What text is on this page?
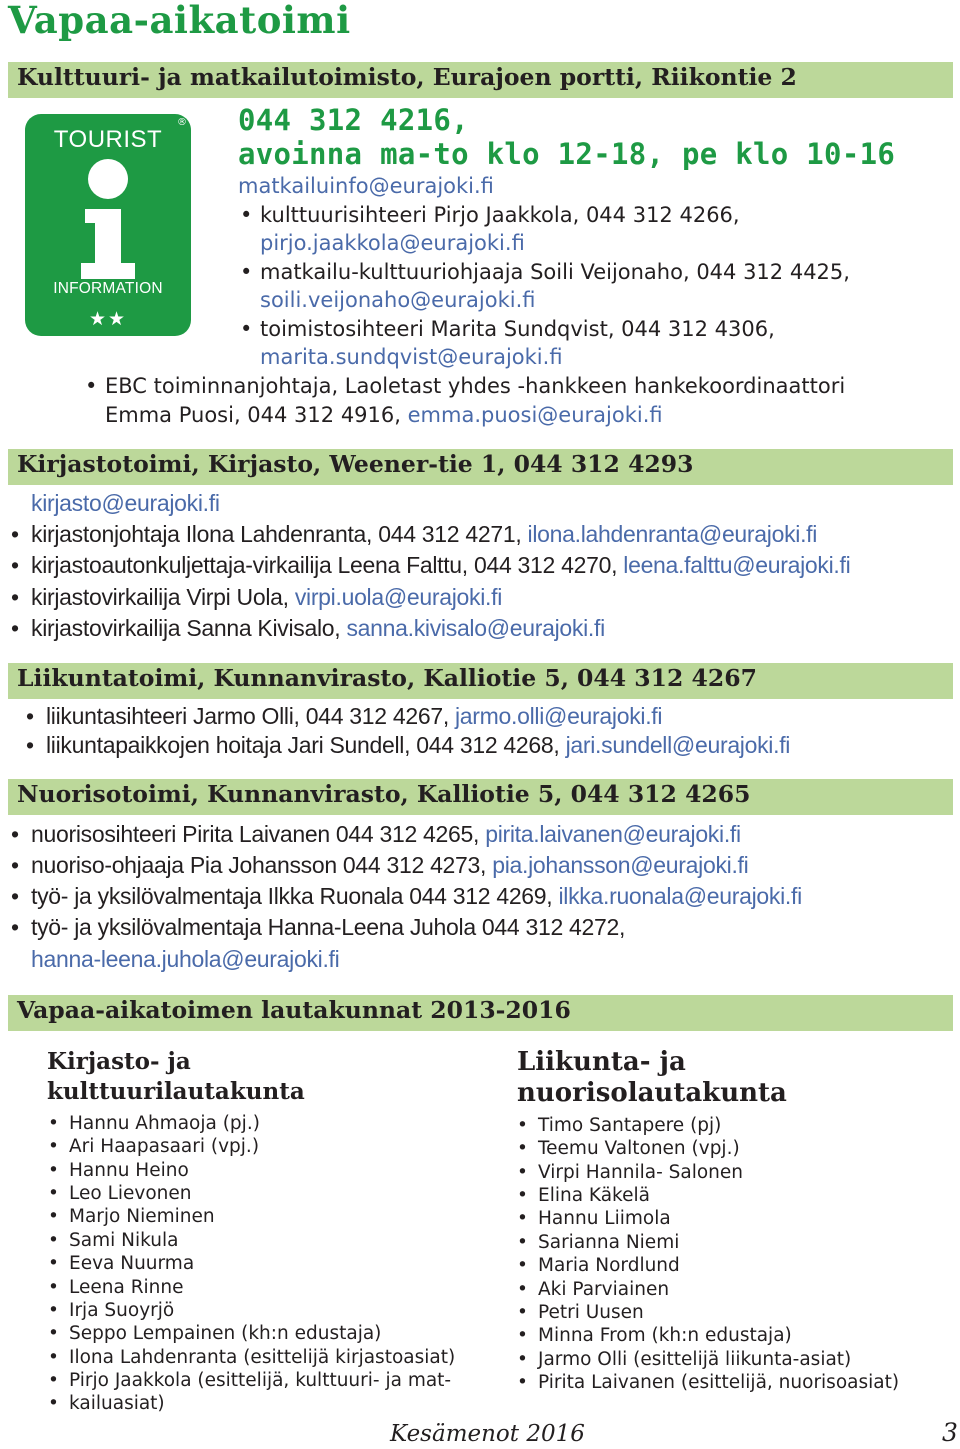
Vapaa-aikatoimi
Kulttuuri- ja matkailutoimisto, Eurajoen portti, Riikontie 2
®
TOURIST
INFORMATION
★★
044 312 4216,
avoinna ma-to klo 12-18, pe klo 10-16
matkailuinfo@eurajoki.fi
• kulttuurisihteeri Pirjo Jaakkola, 044 312 4266,
pirjo.jaakkola@eurajoki.fi
• matkailu-kulttuuriohjaaja Soili Veijonaho, 044 312 4425,
soili.veijonaho@eurajoki.fi
• toimistosihteeri Marita Sundqvist, 044 312 4306,
marita.sundqvist@eurajoki.fi
• EBC toiminnanjohtaja, Laoletast yhdes -hankkeen hankekoordinaattori
Emma Puosi, 044 312 4916, emma.puosi@eurajoki.fi
Kirjastotoimi, Kirjasto, Weener-tie 1, 044 312 4293
kirjasto@eurajoki.fi
• kirjastonjohtaja Ilona Lahdenranta, 044 312 4271, ilona.lahdenranta@eurajoki.fi
• kirjastoautonkuljettaja-virkailija Leena Falttu, 044 312 4270, leena.falttu@eurajoki.fi
• kirjastovirkailija Virpi Uola, virpi.uola@eurajoki.fi
• kirjastovirkailija Sanna Kivisalo, sanna.kivisalo@eurajoki.fi
Liikuntatoimi, Kunnanvirasto, Kalliotie 5, 044 312 4267
• liikuntasihteeri Jarmo Olli, 044 312 4267, jarmo.olli@eurajoki.fi
• liikuntapaikkojen hoitaja Jari Sundell, 044 312 4268, jari.sundell@eurajoki.fi
Nuorisotoimi, Kunnanvirasto, Kalliotie 5, 044 312 4265
• nuorisosihteeri Pirita Laivanen 044 312 4265, pirita.laivanen@eurajoki.fi
• nuoriso-ohjaaja Pia Johansson 044 312 4273, pia.johansson@eurajoki.fi
• työ- ja yksilövalmentaja Ilkka Ruonala 044 312 4269, ilkka.ruonala@eurajoki.fi
• työ- ja yksilövalmentaja Hanna-Leena Juhola 044 312 4272,
hanna-leena.juhola@eurajoki.fi
Vapaa-aikatoimen lautakunnat 2013-2016
Kirjasto- ja
kulttuurilautakunta
• Hannu Ahmaoja (pj.)
• Ari Haapasaari (vpj.)
• Hannu Heino
• Leo Lievonen
• Marjo Nieminen
• Sami Nikula
• Eeva Nuurma
• Leena Rinne
• Irja Suoyrjö
• Seppo Lempainen (kh:n edustaja)
• Ilona Lahdenranta (esittelijä kirjastoasiat)
• Pirjo Jaakkola (esittelijä, kulttuuri- ja mat-
• kailuasiat)
Liikunta- ja
nuorisolautakunta
• Timo Santapere (pj)
• Teemu Valtonen (vpj.)
• Virpi Hannila- Salonen
• Elina Käkelä
• Hannu Liimola
• Sarianna Niemi
• Maria Nordlund
• Aki Parviainen
• Petri Uusen
• Minna From (kh:n edustaja)
• Jarmo Olli (esittelijä liikunta-asiat)
• Pirita Laivanen (esittelijä, nuorisoasiat)
Kesämenot 2016	3
